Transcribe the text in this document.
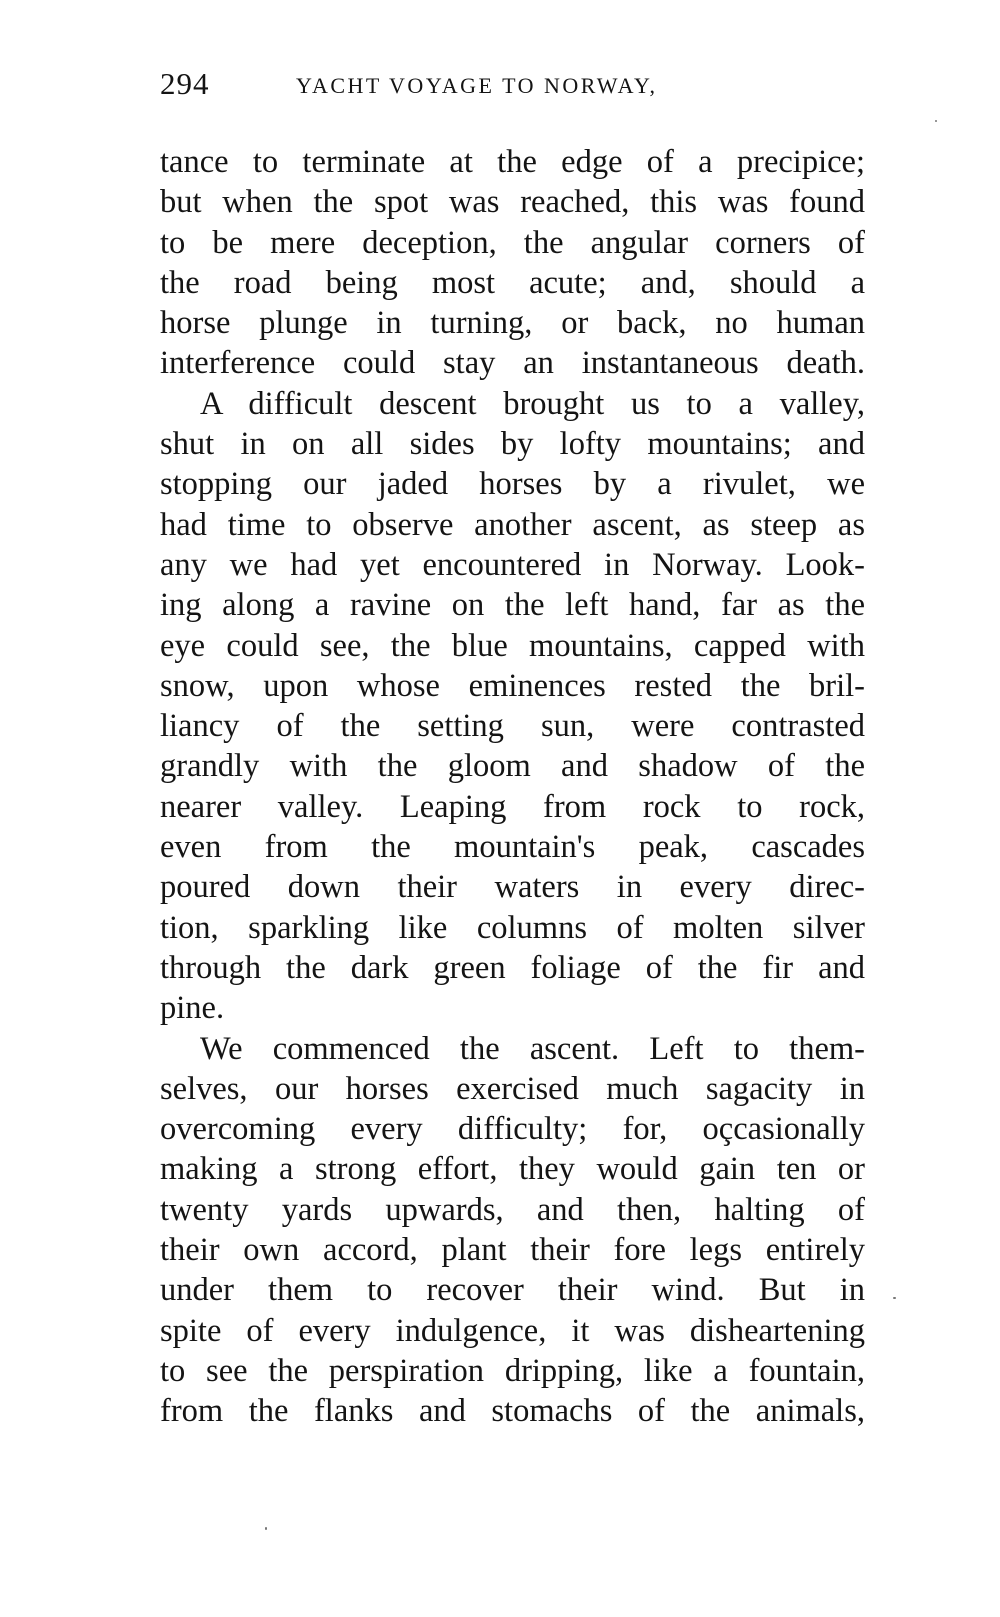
294	YACHT VOYAGE TO NORWAY,
tance to terminate at the edge of a precipice;
but when the spot was reached, this was found
to be mere deception, the angular corners of
the road being most acute; and, should a
horse plunge in turning, or back, no human
interference could stay an instantaneous death.
A difficult descent brought us to a valley,
shut in on all sides by lofty mountains; and
stopping our jaded horses by a rivulet, we
had time to observe another ascent, as steep as
any we had yet encountered in Norway. Look-
ing along a ravine on the left hand, far as the
eye could see, the blue mountains, capped with
snow, upon whose eminences rested the bril-
liancy of the setting sun, were contrasted
grandly with the gloom and shadow of the
nearer valley. Leaping from rock to rock,
even from the mountain's peak, cascades
poured down their waters in every direc-
tion, sparkling like columns of molten silver
through the dark green foliage of the fir and
pine.
We commenced the ascent. Left to them-
selves, our horses exercised much sagacity in
overcoming every difficulty; for, oçcasionally
making a strong effort, they would gain ten or
twenty yards upwards, and then, halting of
their own accord, plant their fore legs entirely
under them to recover their wind. But in
spite of every indulgence, it was disheartening
to see the perspiration dripping, like a fountain,
from the flanks and stomachs of the animals,
